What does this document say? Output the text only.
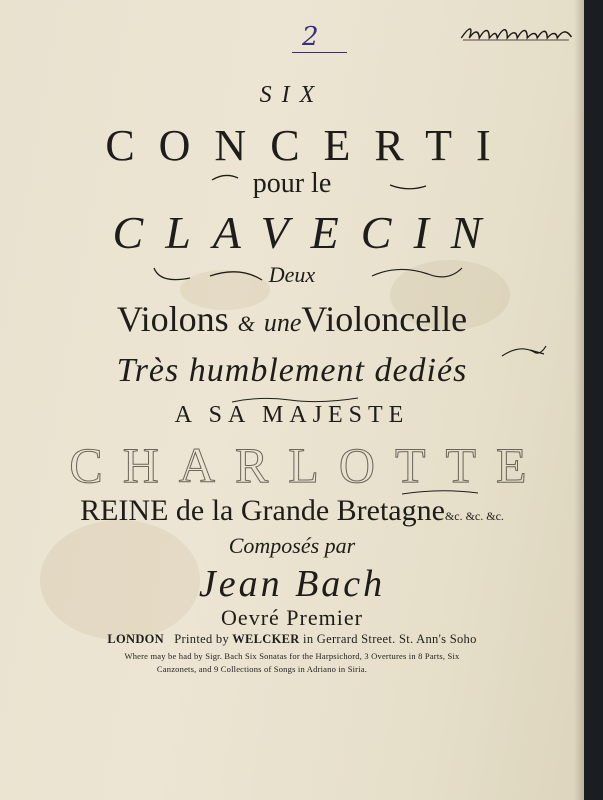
2
SIX
CONCERTI
pour le
CLAVECIN
Deux
Violons & uneVioloncelle
Très humblement dediés
A SA MAJESTE
CHARLOTTE
REINE de la Grande Bretagne&c. &c. &c.
Composés par
Jean Bach
Oevré Premier
LONDON Printed by WELCKER in Gerrard Street. St. Ann's Soho
Where may be had by Sigr. Bach Six Sonatas for the Harpsichord, 3 Overtures in 8 Parts, Six
Canzonets, and 9 Collections of Songs in Adriano in Siria.
